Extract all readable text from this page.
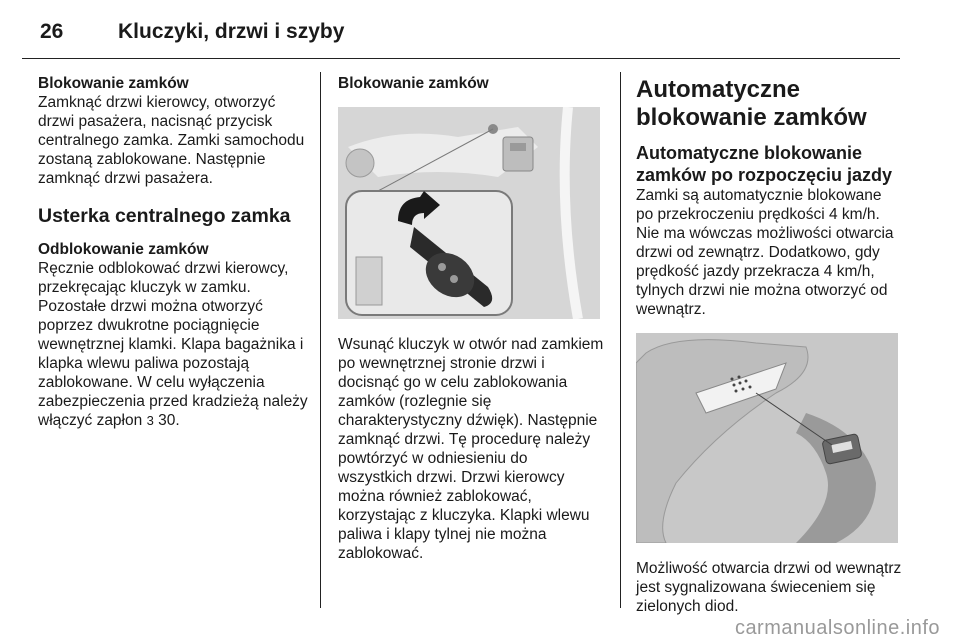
26	Kluczyki, drzwi i szyby

Blokowanie zamków

Zamknąć drzwi kierowcy, otworzyć drzwi pasażera, nacisnąć przycisk centralnego zamka. Zamki samochodu zostaną zablokowane. Następnie zamknąć drzwi pasażera.

Usterka centralnego zamka

Odblokowanie zamków

Ręcznie odblokować drzwi kierowcy, przekręcając kluczyk w zamku. Pozostałe drzwi można otworzyć poprzez dwukrotne pociągnięcie wewnętrznej klamki. Klapa bagażnika i klapka wlewu paliwa pozostają zablokowane. W celu wyłączenia zabezpieczenia przed kradzieżą należy włączyć zapłon 3 30.

Blokowanie zamków

Wsunąć kluczyk w otwór nad zamkiem po wewnętrznej stronie drzwi i docisnąć go w celu zablokowania zamków (rozlegnie się charakterystyczny dźwięk). Następnie zamknąć drzwi. Tę procedurę należy powtórzyć w odniesieniu do wszystkich drzwi. Drzwi kierowcy można również zablokować, korzystając z kluczyka. Klapki wlewu paliwa i klapy tylnej nie można zablokować.

Automatyczne blokowanie zamków

Automatyczne blokowanie zamków po rozpoczęciu jazdy

Zamki są automatycznie blokowane po przekroczeniu prędkości 4 km/h. Nie ma wówczas możliwości otwarcia drzwi od zewnątrz. Dodatkowo, gdy prędkość jazdy przekracza 4 km/h, tylnych drzwi nie można otworzyć od wewnątrz.

Możliwość otwarcia drzwi od wewnątrz jest sygnalizowana świeceniem się zielonych diod.

carmanualsonline.info
